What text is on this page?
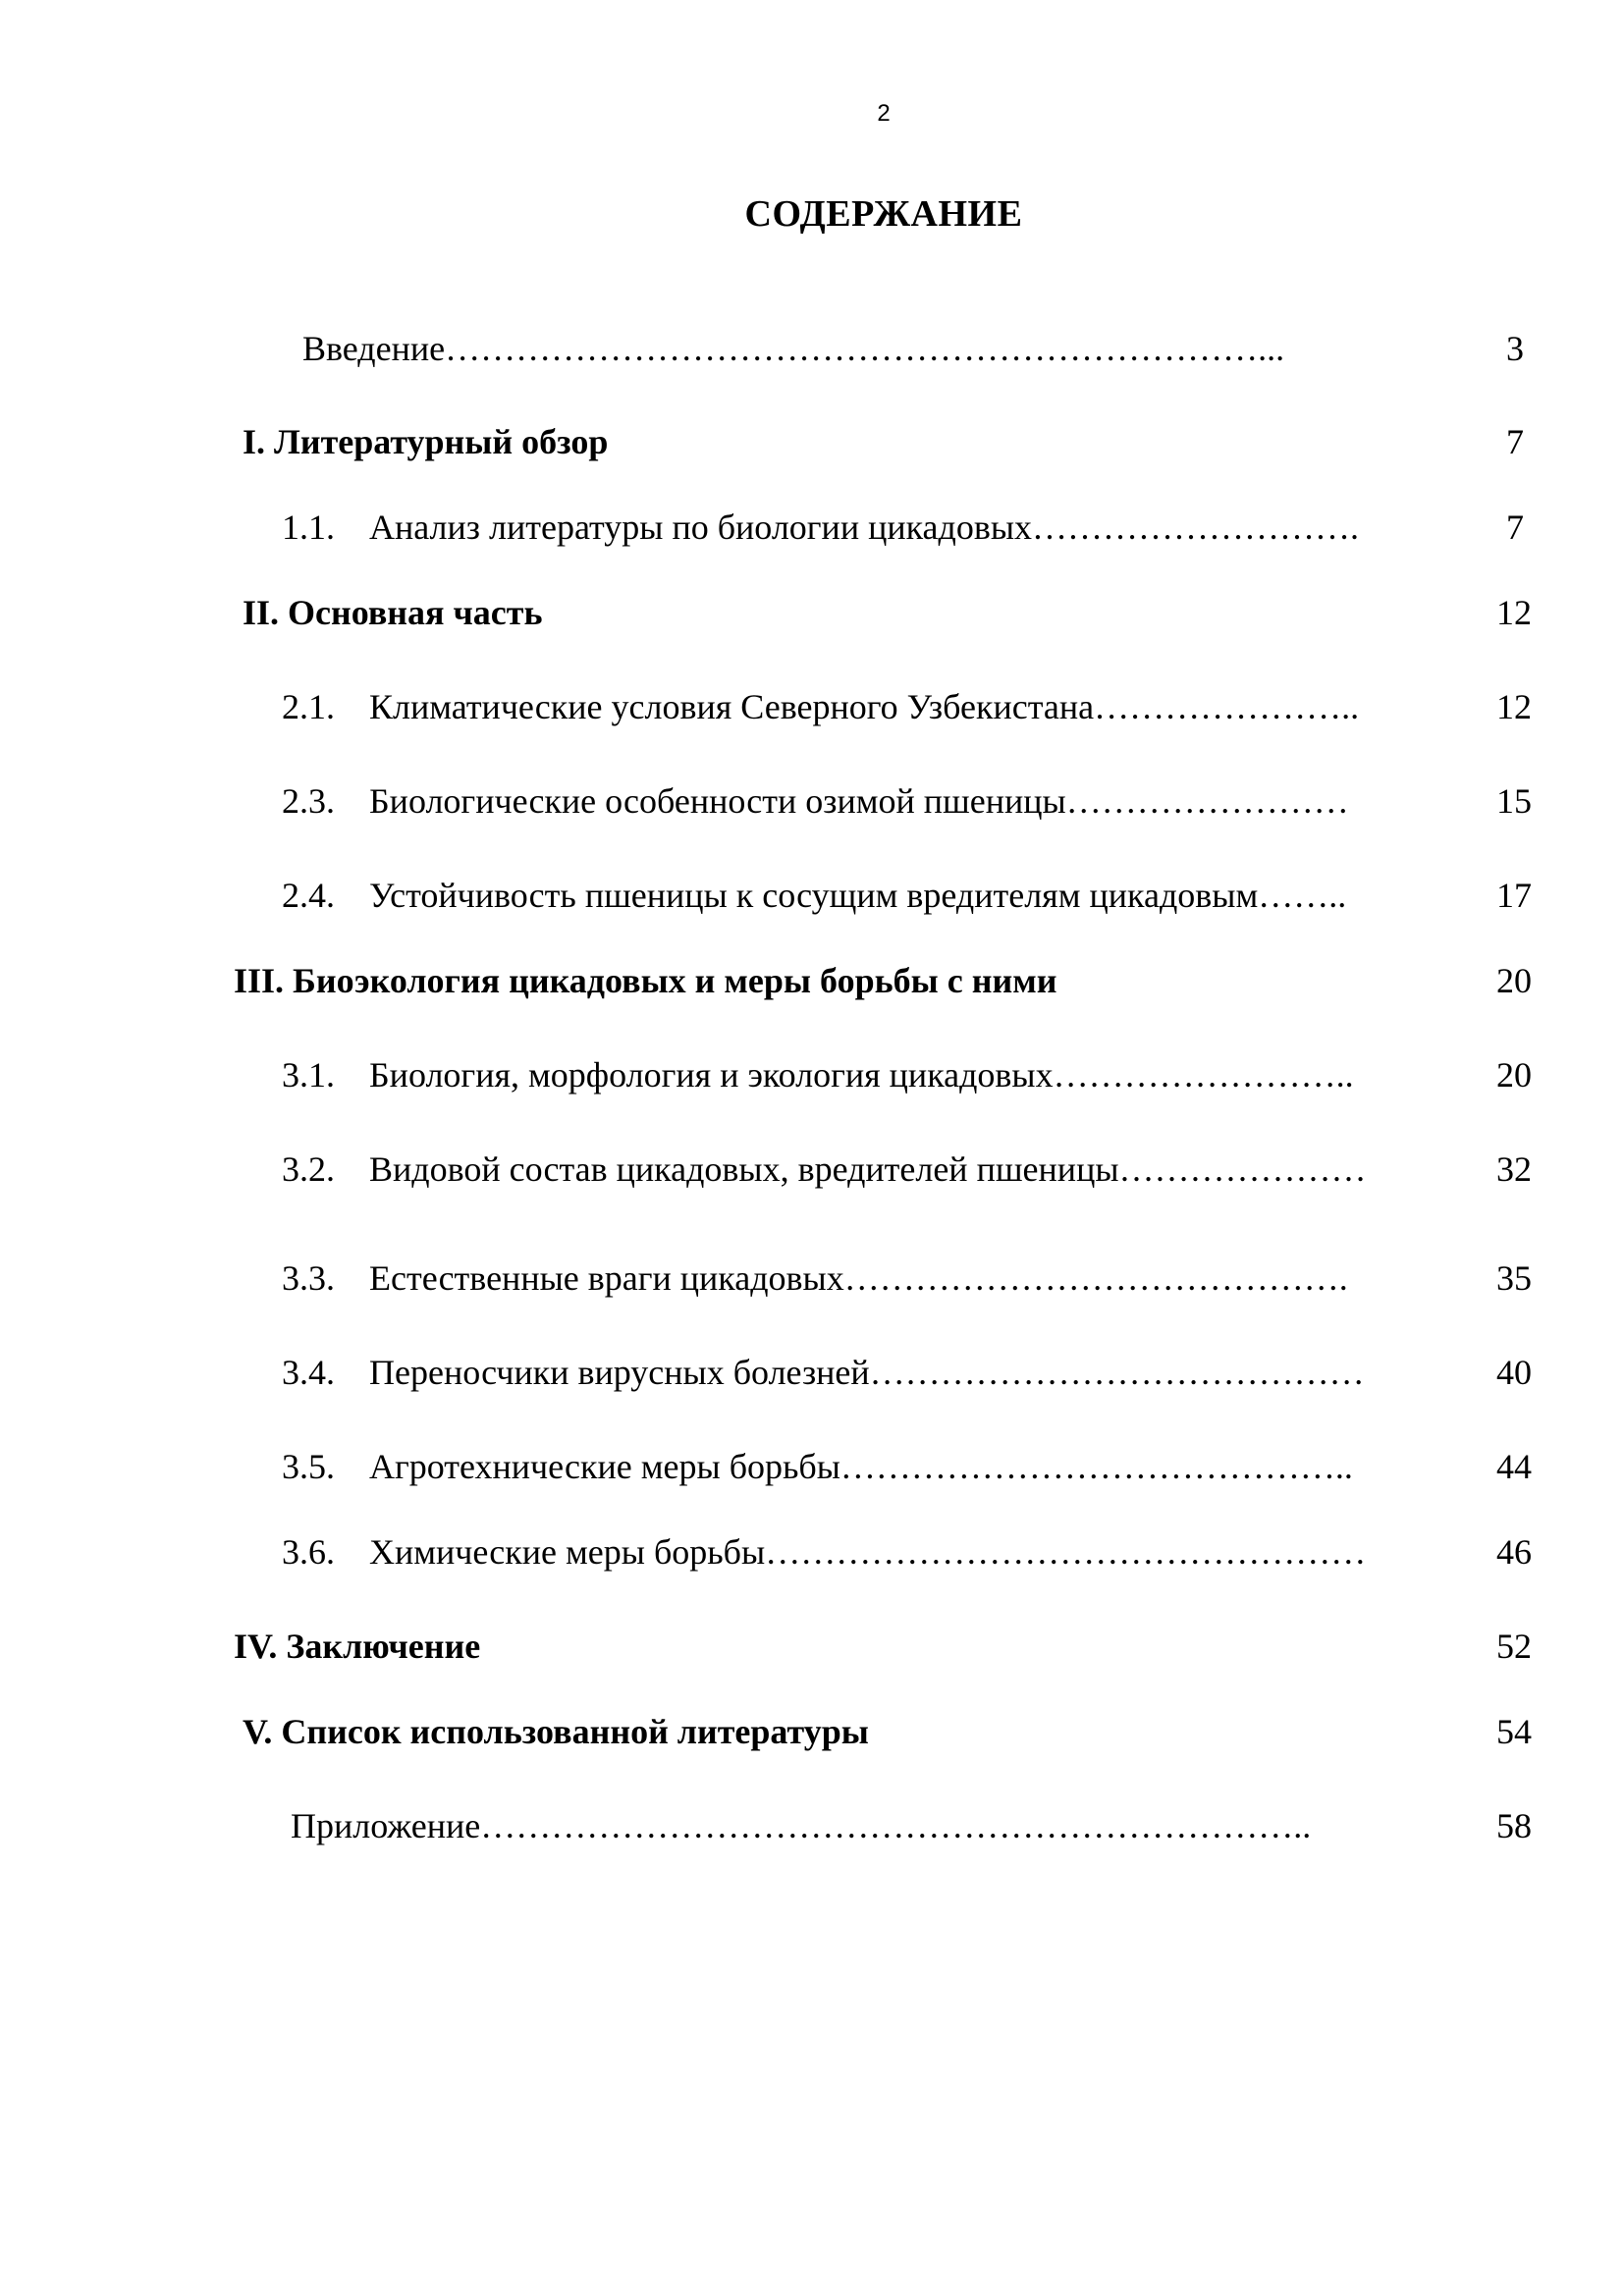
2
СОДЕРЖАНИЕ
Введение……………………………………………………………...	3
I. Литературный обзор	7
1.1. Анализ литературы по биологии цикадовых……………………….	7
II. Основная часть	12
2.1. Климатические условия Северного Узбекистана…………………..	12
2.3. Биологические особенности озимой пшеницы……………………	15
2.4. Устойчивость пшеницы к сосущим вредителям цикадовым……..	17
III. Биоэкология цикадовых и меры борьбы с ними	20
3.1. Биология, морфология и экология цикадовых……………………..	20
3.2. Видовой состав цикадовых, вредителей пшеницы…………………	32
3.3. Естественные враги цикадовых…………………………………….	35
3.4. Переносчики вирусных болезней……………………………………	40
3.5. Агротехнические меры борьбы……………………………………..	44
3.6. Химические меры борьбы……………………………………………	46
IV. Заключение	52
V. Список использованной литературы	54
Приложение……………………………………………………………..	58
